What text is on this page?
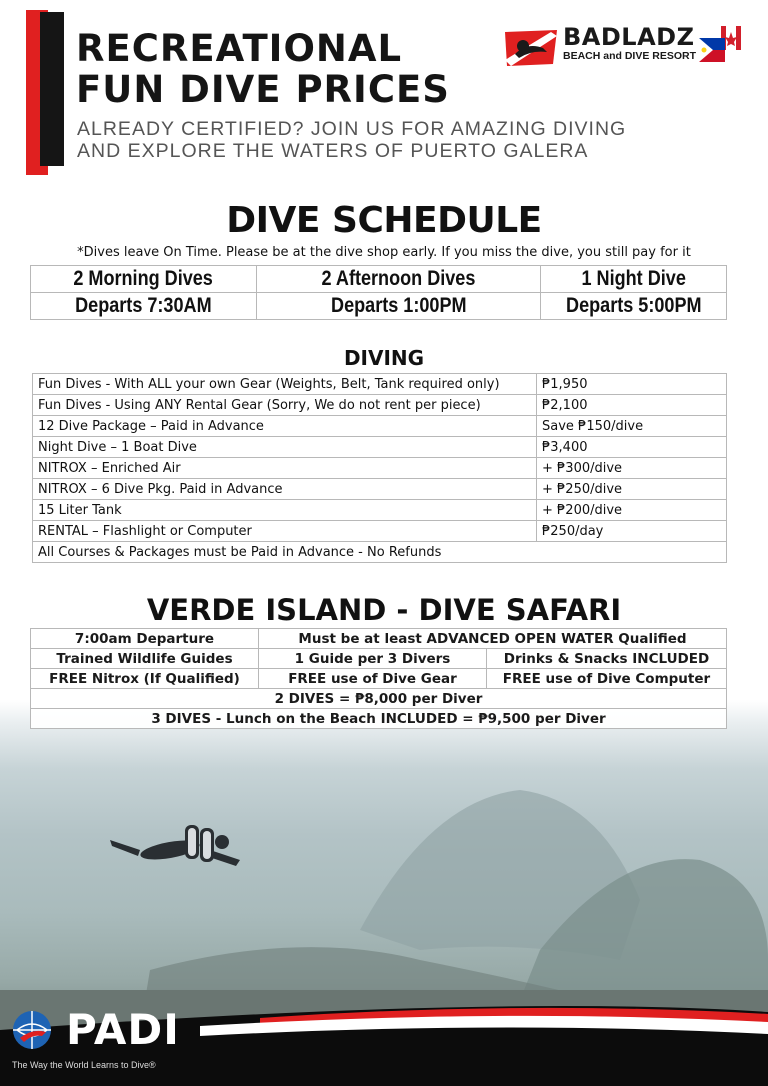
RECREATIONAL
FUN DIVE PRICES

ALREADY CERTIFIED? JOIN US FOR AMAZING DIVING
AND EXPLORE THE WATERS OF PUERTO GALERA

BADLADZ
BEACH and DIVE RESORT
DIVE SCHEDULE
*Dives leave On Time. Please be at the dive shop early. If you miss the dive, you still pay for it
2 Morning Dives	2 Afternoon Dives	1 Night Dive
Departs 7:30AM	Departs 1:00PM	Departs 5:00PM
DIVING
Fun Dives - With ALL your own Gear (Weights, Belt, Tank required only)	₱1,950
Fun Dives - Using ANY Rental Gear (Sorry, We do not rent per piece)	₱2,100
12 Dive Package – Paid in Advance	Save ₱150/dive
Night Dive – 1 Boat Dive	₱3,400
NITROX – Enriched Air	+ ₱300/dive
NITROX – 6 Dive Pkg. Paid in Advance	+ ₱250/dive
15 Liter Tank	+ ₱200/dive
RENTAL – Flashlight or Computer	₱250/day
All Courses & Packages must be Paid in Advance - No Refunds	
VERDE ISLAND - DIVE SAFARI
7:00am Departure	Must be at least ADVANCED OPEN WATER Qualified	
Trained Wildlife Guides	1 Guide per 3 Divers	Drinks & Snacks INCLUDED
FREE Nitrox (If Qualified)	FREE use of Dive Gear	FREE use of Dive Computer
2 DIVES = ₱8,000 per Diver		
3 DIVES - Lunch on the Beach INCLUDED = ₱9,500 per Diver		
PADI
The Way the World Learns to Dive®
